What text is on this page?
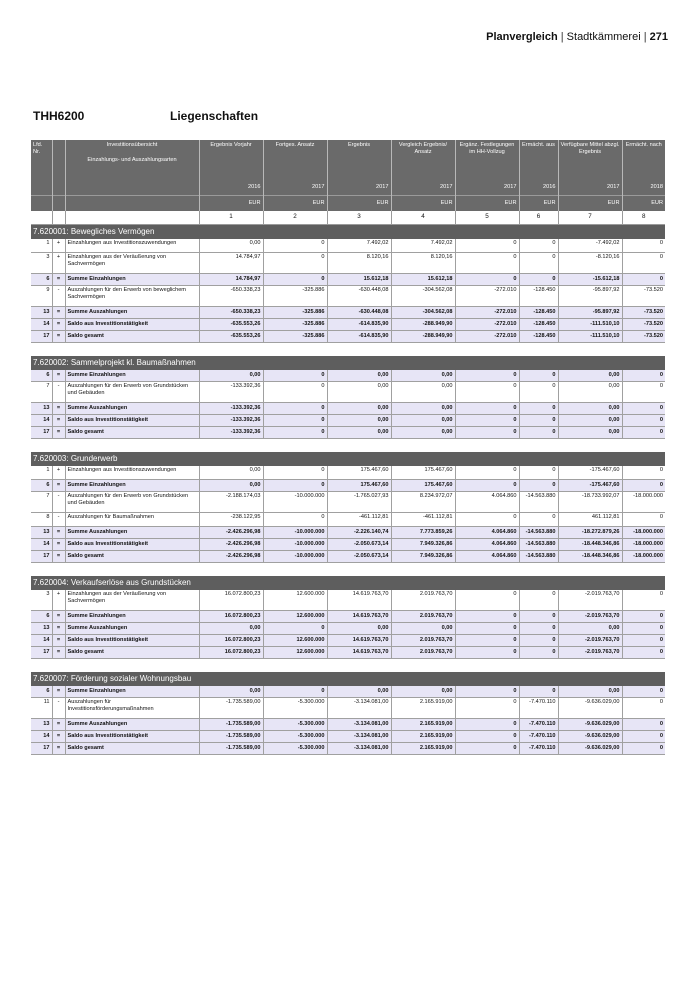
Planvergleich | Stadtkämmerei | 271
THH6200	Liegenschaften
Lfd. Nr.		Investitionsübersicht
Einzahlungs- und Auszahlungsarten	Ergebnis Vorjahr	Fortges. Ansatz	Ergebnis	Vergleich Ergebnis/ Ansatz	Ergänz. Festlegungen im HH-Vollzug	Ermächt. aus	Verfügbare Mittel abzgl. Ergebnis	Ermächt. nach
			2016	2017	2017	2017	2017	2016	2017	2018
			EUR	EUR	EUR	EUR	EUR	EUR	EUR	EUR
			1	2	3	4	5	6	7	8
7.620001: Bewegliches Vermögen										
1	+	Einzahlungen aus Investitionszuwendungen	0,00	0	7.492,02	7.492,02	0	0	-7.492,02	0
3	+	Einzahlungen aus der Veräußerung von Sachvermögen	14.784,97	0	8.120,16	8.120,16	0	0	-8.120,16	0
6	=	Summe Einzahlungen	14.784,97	0	15.612,18	15.612,18	0	0	-15.612,18	0
9	-	Auszahlungen für den Erwerb von beweglichem Sachvermögen	-650.338,23	-325.886	-630.448,08	-304.562,08	-272.010	-128.450	-95.897,92	-73.520
13	=	Summe Auszahlungen	-650.338,23	-325.886	-630.448,08	-304.562,08	-272.010	-128.450	-95.897,92	-73.520
14	=	Saldo aus Investitionstätigkeit	-635.553,26	-325.886	-614.835,90	-288.949,90	-272.010	-128.450	-111.510,10	-73.520
17	=	Saldo gesamt	-635.553,26	-325.886	-614.835,90	-288.949,90	-272.010	-128.450	-111.510,10	-73.520

7.620002: Sammelprojekt kl. Baumaßnahmen										
6	=	Summe Einzahlungen	0,00	0	0,00	0,00	0	0	0,00	0
7	-	Auszahlungen für den Erwerb von Grundstücken und Gebäuden	-133.392,36	0	0,00	0,00	0	0	0,00	0
13	=	Summe Auszahlungen	-133.392,36	0	0,00	0,00	0	0	0,00	0
14	=	Saldo aus Investitionstätigkeit	-133.392,36	0	0,00	0,00	0	0	0,00	0
17	=	Saldo gesamt	-133.392,36	0	0,00	0,00	0	0	0,00	0

7.620003: Grunderwerb										
1	+	Einzahlungen aus Investitionszuwendungen	0,00	0	175.467,60	175.467,60	0	0	-175.467,60	0
6	=	Summe Einzahlungen	0,00	0	175.467,60	175.467,60	0	0	-175.467,60	0
7	-	Auszahlungen für den Erwerb von Grundstücken und Gebäuden	-2.188.174,03	-10.000.000	-1.765.027,93	8.234.972,07	4.064.860	-14.563.880	-18.733.992,07	-18.000.000
8	-	Auszahlungen für Baumaßnahmen	-238.122,95	0	-461.112,81	-461.112,81	0	0	461.112,81	0
13	=	Summe Auszahlungen	-2.426.296,98	-10.000.000	-2.226.140,74	7.773.859,26	4.064.860	-14.563.880	-18.272.879,26	-18.000.000
14	=	Saldo aus Investitionstätigkeit	-2.426.296,98	-10.000.000	-2.050.673,14	7.949.326,86	4.064.860	-14.563.880	-18.448.346,86	-18.000.000
17	=	Saldo gesamt	-2.426.296,98	-10.000.000	-2.050.673,14	7.949.326,86	4.064.860	-14.563.880	-18.448.346,86	-18.000.000

7.620004: Verkaufserlöse aus Grundstücken										
3	+	Einzahlungen aus der Veräußerung von Sachvermögen	16.072.800,23	12.600.000	14.619.763,70	2.019.763,70	0	0	-2.019.763,70	0
6	=	Summe Einzahlungen	16.072.800,23	12.600.000	14.619.763,70	2.019.763,70	0	0	-2.019.763,70	0
13	=	Summe Auszahlungen	0,00	0	0,00	0,00	0	0	0,00	0
14	=	Saldo aus Investitionstätigkeit	16.072.800,23	12.600.000	14.619.763,70	2.019.763,70	0	0	-2.019.763,70	0
17	=	Saldo gesamt	16.072.800,23	12.600.000	14.619.763,70	2.019.763,70	0	0	-2.019.763,70	0

7.620007: Förderung sozialer Wohnungsbau										
6	=	Summe Einzahlungen	0,00	0	0,00	0,00	0	0	0,00	0
11	-	Auszahlungen für Investitionsförderungsmaßnahmen	-1.735.589,00	-5.300.000	-3.134.081,00	2.165.919,00	0	-7.470.110	-9.636.029,00	0
13	=	Summe Auszahlungen	-1.735.589,00	-5.300.000	-3.134.081,00	2.165.919,00	0	-7.470.110	-9.636.029,00	0
14	=	Saldo aus Investitionstätigkeit	-1.735.589,00	-5.300.000	-3.134.081,00	2.165.919,00	0	-7.470.110	-9.636.029,00	0
17	=	Saldo gesamt	-1.735.589,00	-5.300.000	-3.134.081,00	2.165.919,00	0	-7.470.110	-9.636.029,00	0
